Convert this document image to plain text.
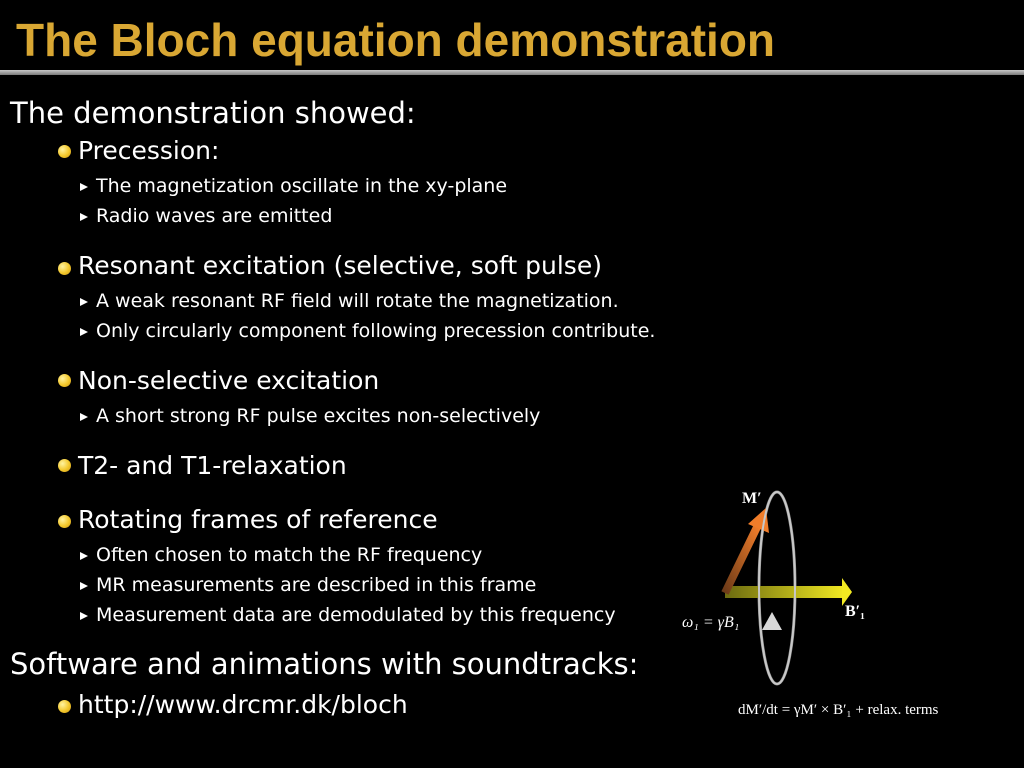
The Bloch equation demonstration
The demonstration showed:
Precession:
The magnetization oscillate in the xy-plane
Radio waves are emitted
Resonant excitation (selective, soft pulse)
A weak resonant RF field will rotate the magnetization.
Only circularly component following precession contribute.
Non-selective excitation
A short strong RF pulse excites non-selectively
T2- and T1-relaxation
Rotating frames of reference
Often chosen to match the RF frequency
MR measurements are described in this frame
Measurement data are demodulated by this frequency
Software and animations with soundtracks:
http://www.drcmr.dk/bloch
M′
B′₁
ω₁ = γB₁
dM′/dt = γM′ × B′₁ + relax. terms
